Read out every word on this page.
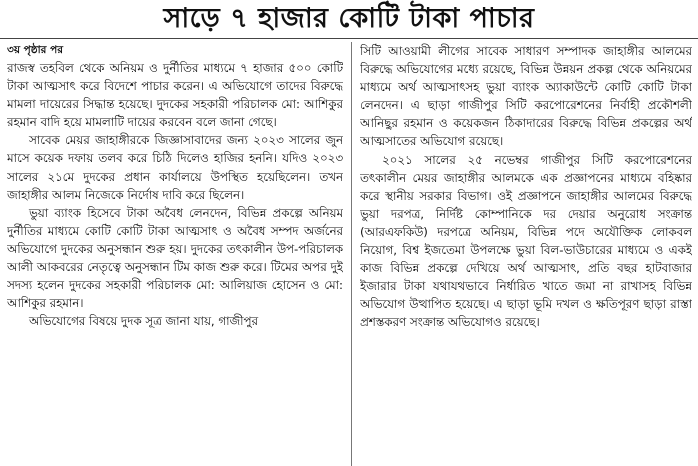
সাড়ে ৭ হাজার কোটি টাকা পাচার
৩য় পৃষ্ঠার পর

রাজস্ব তহবিল থেকে অনিয়ম ও দুর্নীতির মাধ্যমে ৭ হাজার ৫০০ কোটি টাকা আত্মসাৎ করে বিদেশে পাচার করেন। এ অভিযোগে তাদের বিরুদ্ধে মামলা দায়েরের সিদ্ধান্ত হয়েছে। দুদকের সহকারী পরিচালক মো: আশিকুর রহমান বাদি হয়ে মামলাটি দায়ের করবেন বলে জানা গেছে।

সাবেক মেয়র জাহাঙ্গীরকে জিজ্ঞাসাবাদের জন্য ২০২৩ সালের জুন মাসে কয়েক দফায় তলব করে চিঠি দিলেও হাজির হননি। যদিও ২০২৩ সালের ২১মে দুদকের প্রধান কার্যালয়ে উপস্থিত হয়েছিলেন। তখন জাহাঙ্গীর আলম নিজেকে নির্দোষ দাবি করে ছিলেন।

ভুয়া ব্যাংক হিসেবে টাকা অবৈধ লেনদেন, বিভিন্ন প্রকল্পে অনিয়ম দুর্নীতির মাধ্যমে কোটি কোটি টাকা আত্মসাৎ ও অবৈধ সম্পদ অর্জনের অভিযোগে দুদকের অনুসন্ধান শুরু হয়। দুদকের তৎকালীন উপ-পরিচালক আলী আকবরের নেতৃত্বে অনুসন্ধান টিম কাজ শুরু করে। টিমের অপর দুই সদস্য হলেন দুদকের সহকারী পরিচালক মো: আলিয়াজ হোসেন ও মো: আশিকুর রহমান।

অভিযোগের বিষয়ে দুদক সূত্র জানা যায়, গাজীপুর

সিটি আওয়ামী লীগের সাবেক সাধারণ সম্পাদক জাহাঙ্গীর আলমের বিরুদ্ধে অভিযোগের মধ্যে রয়েছে, বিভিন্ন উন্নয়ন প্রকল্প থেকে অনিয়মের মাধ্যমে অর্থ আত্মসাৎসহ ভুয়া ব্যাংক অ্যাকাউন্টে কোটি কোটি টাকা লেনদেন। এ ছাড়া গাজীপুর সিটি করপোরেশনের নির্বাহী প্রকৌশলী আনিছুর রহমান ও কয়েকজন ঠিকাদারের বিরুদ্ধে বিভিন্ন প্রকল্পের অর্থ আত্মসাতের অভিযোগ রয়েছে।

২০২১ সালের ২৫ নভেম্বর গাজীপুর সিটি করপোরেশনের তৎকালীন মেয়র জাহাঙ্গীর আলমকে এক প্রজ্ঞাপনের মাধ্যমে বহিষ্কার করে স্থানীয় সরকার বিভাগ। ওই প্রজ্ঞাপনে জাহাঙ্গীর আলমের বিরুদ্ধে ভুয়া দরপত্র, নির্দিষ্ট কোম্পানিকে দর দেয়ার অনুরোধ সংক্রান্ত (আরএফকিউ) দরপত্রে অনিয়ম, বিভিন্ন পদে অযৌক্তিক লোকবল নিয়োগ, বিশ্ব ইজতেমা উপলক্ষে ভুয়া বিল-ভাউচারের মাধ্যমে ও একই কাজ বিভিন্ন প্রকল্পে দেখিয়ে অর্থ আত্মসাৎ, প্রতি বছর হাটবাজার ইজারার টাকা যথাযথভাবে নির্ধারিত খাতে জমা না রাখাসহ বিভিন্ন অভিযোগ উত্থাপিত হয়েছে। এ ছাড়া ভূমি দখল ও ক্ষতিপূরণ ছাড়া রাস্তা প্রশস্তকরণ সংক্রান্ত অভিযোগও রয়েছে।
